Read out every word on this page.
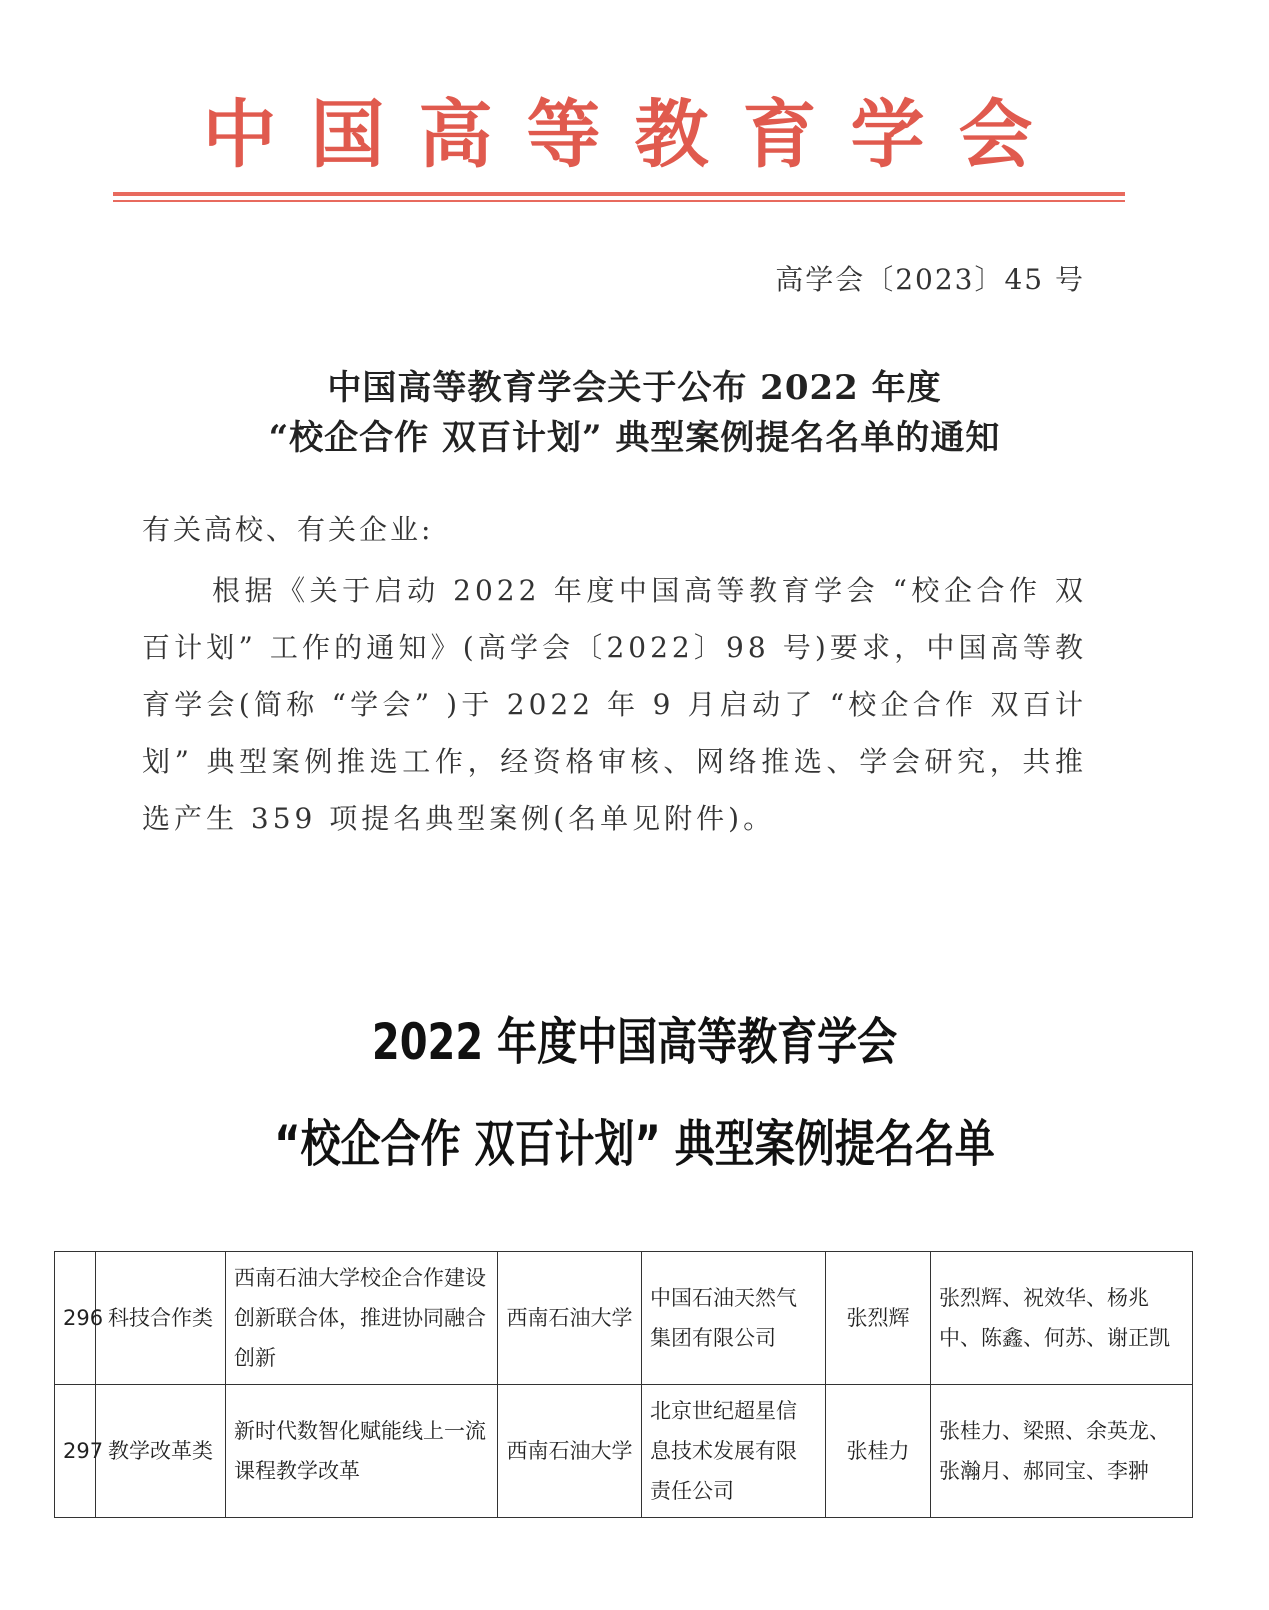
中国高等教育学会
高学会〔2023〕45 号
中国高等教育学会关于公布 2022 年度
“校企合作 双百计划” 典型案例提名名单的通知
有关高校、有关企业:

根据《关于启动 2022 年度中国高等教育学会 “校企合作 双百计划” 工作的通知》(高学会〔2022〕98 号)要求，中国高等教育学会(简称 “学会” )于 2022 年 9 月启动了 “校企合作 双百计划” 典型案例推选工作，经资格审核、网络推选、学会研究，共推选产生 359 项提名典型案例(名单见附件)。

2022 年度中国高等教育学会
“校企合作 双百计划” 典型案例提名名单
296	科技合作类	西南石油大学校企合作建设创新联合体，推进协同融合创新	西南石油大学	中国石油天然气集团有限公司	张烈辉	张烈辉、祝效华、杨兆中、陈鑫、何苏、谢正凯
297	教学改革类	新时代数智化赋能线上一流课程教学改革	西南石油大学	北京世纪超星信息技术发展有限责任公司	张桂力	张桂力、梁照、余英龙、张瀚月、郝同宝、李翀
